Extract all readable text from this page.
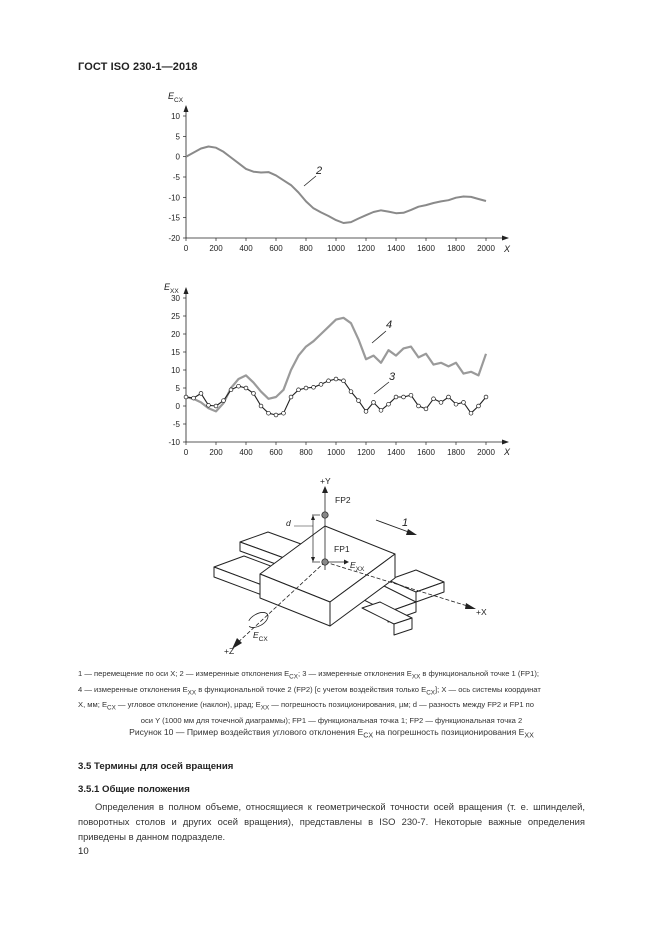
ГОСТ ISO 230-1—2018
10
5
0
-5
-10
-15
-20
0	200 400 600 800 1000 1200 1400 1600 1800 2000
$E_{CX}$
X
2
30
25
20
15
10
5
0
-5
-10
0	200 400 600 800 1000 1200 1400 1600 1800 2000
$E_{XX}$
X
4
3
+Y
FP2
d
FP1
$E_{XX}$
1
+X
$E_{CX}$
+Z
1 — перемещение по оси X; 2 — измеренные отклонения $E_{CX}$; 3 — измеренные отклонения $E_{XX}$ в функциональной точке 1 (FP1);
4 — измеренные отклонения $E_{XX}$ в функциональной точке 2 (FP2) [с учетом воздействия только $E_{CX}$]; X — ось системы координат
X, мм; $E_{CX}$ — угловое отклонение (наклон), µрад; $E_{XX}$ — погрешность позиционирования, µм; d — разность между FP2 и FP1 по

оси Y (1000 мм для точечной диаграммы); FP1 — функциональная точка 1; FP2 — функциональная точка 2
Рисунок 10 — Пример воздействия углового отклонения $E_{CX}$ на погрешность позиционирования $E_{XX}$
3.5 Термины для осей вращения
3.5.1 Общие положения
Определения в полном объеме, относящиеся к геометрической точности осей вращения (т. е. шпинделей, поворотных столов и других осей вращения), представлены в ISO 230-7. Некоторые важные определения приведены в данном подразделе.
10
